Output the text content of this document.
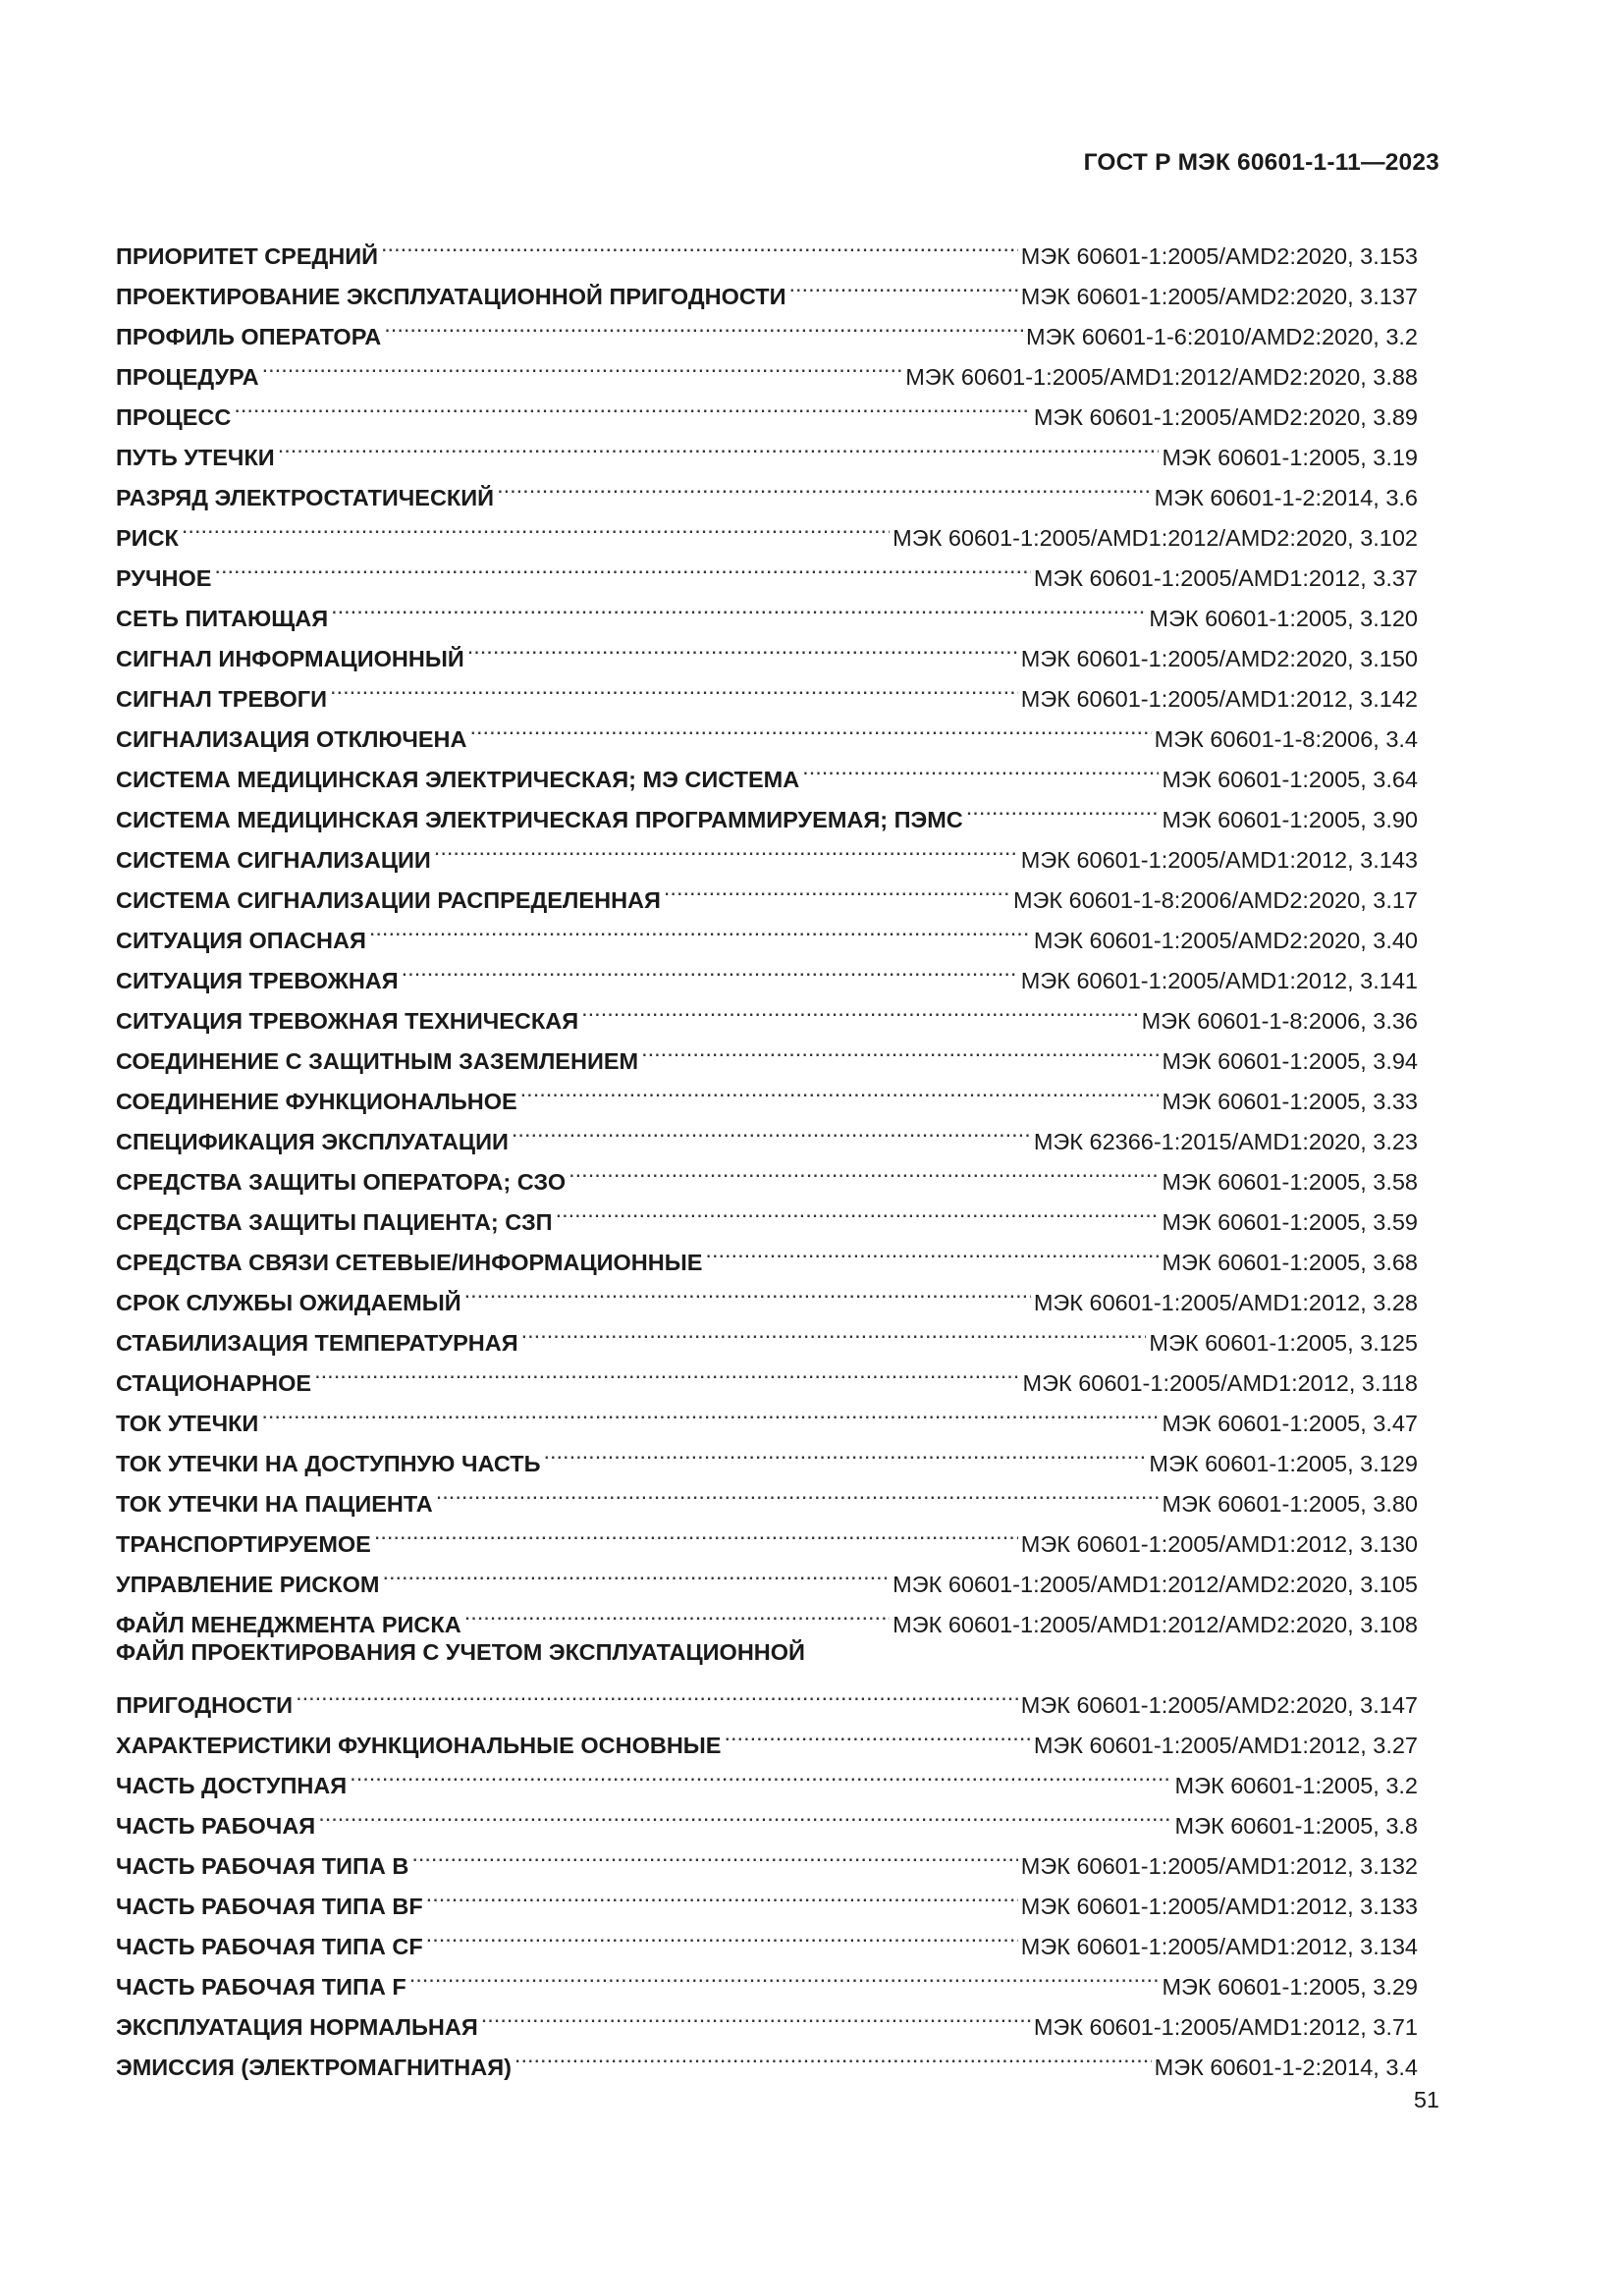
ГОСТ Р МЭК 60601-1-11—2023
ПРИОРИТЕТ СРЕДНИЙ .....	МЭК 60601-1:2005/AMD2:2020, 3.153
ПРОЕКТИРОВАНИЕ ЭКСПЛУАТАЦИОННОЙ ПРИГОДНОСТИ .....	МЭК 60601-1:2005/AMD2:2020, 3.137
ПРОФИЛЬ ОПЕРАТОРА .....	МЭК 60601-1-6:2010/AMD2:2020, 3.2
ПРОЦЕДУРА .....	МЭК 60601-1:2005/AMD1:2012/AMD2:2020, 3.88
ПРОЦЕСС .....	МЭК 60601-1:2005/AMD2:2020, 3.89
ПУТЬ УТЕЧКИ .....	МЭК 60601-1:2005, 3.19
РАЗРЯД ЭЛЕКТРОСТАТИЧЕСКИЙ .....	МЭК 60601-1-2:2014, 3.6
РИСК .....	МЭК 60601-1:2005/AMD1:2012/AMD2:2020, 3.102
РУЧНОЕ .....	МЭК 60601-1:2005/AMD1:2012, 3.37
СЕТЬ ПИТАЮЩАЯ .....	МЭК 60601-1:2005, 3.120
СИГНАЛ ИНФОРМАЦИОННЫЙ .....	МЭК 60601-1:2005/AMD2:2020, 3.150
СИГНАЛ ТРЕВОГИ .....	МЭК 60601-1:2005/AMD1:2012, 3.142
СИГНАЛИЗАЦИЯ ОТКЛЮЧЕНА .....	МЭК 60601-1-8:2006, 3.4
СИСТЕМА МЕДИЦИНСКАЯ ЭЛЕКТРИЧЕСКАЯ; МЭ СИСТЕМА .....	МЭК 60601-1:2005, 3.64
СИСТЕМА МЕДИЦИНСКАЯ ЭЛЕКТРИЧЕСКАЯ ПРОГРАММИРУЕМАЯ; ПЭМС .....	МЭК 60601-1:2005, 3.90
СИСТЕМА СИГНАЛИЗАЦИИ .....	МЭК 60601-1:2005/AMD1:2012, 3.143
СИСТЕМА СИГНАЛИЗАЦИИ РАСПРЕДЕЛЕННАЯ .....	МЭК 60601-1-8:2006/AMD2:2020, 3.17
СИТУАЦИЯ ОПАСНАЯ .....	МЭК 60601-1:2005/AMD2:2020, 3.40
СИТУАЦИЯ ТРЕВОЖНАЯ .....	МЭК 60601-1:2005/AMD1:2012, 3.141
СИТУАЦИЯ ТРЕВОЖНАЯ ТЕХНИЧЕСКАЯ .....	МЭК 60601-1-8:2006, 3.36
СОЕДИНЕНИЕ С ЗАЩИТНЫМ ЗАЗЕМЛЕНИЕМ .....	МЭК 60601-1:2005, 3.94
СОЕДИНЕНИЕ ФУНКЦИОНАЛЬНОЕ .....	МЭК 60601-1:2005, 3.33
СПЕЦИФИКАЦИЯ ЭКСПЛУАТАЦИИ .....	МЭК 62366-1:2015/AMD1:2020, 3.23
СРЕДСТВА ЗАЩИТЫ ОПЕРАТОРА; СЗО .....	МЭК 60601-1:2005, 3.58
СРЕДСТВА ЗАЩИТЫ ПАЦИЕНТА; СЗП .....	МЭК 60601-1:2005, 3.59
СРЕДСТВА СВЯЗИ СЕТЕВЫЕ/ИНФОРМАЦИОННЫЕ .....	МЭК 60601-1:2005, 3.68
СРОК СЛУЖБЫ ОЖИДАЕМЫЙ .....	МЭК 60601-1:2005/AMD1:2012, 3.28
СТАБИЛИЗАЦИЯ ТЕМПЕРАТУРНАЯ .....	МЭК 60601-1:2005, 3.125
СТАЦИОНАРНОЕ .....	МЭК 60601-1:2005/AMD1:2012, 3.118
ТОК УТЕЧКИ .....	МЭК 60601-1:2005, 3.47
ТОК УТЕЧКИ НА ДОСТУПНУЮ ЧАСТЬ .....	МЭК 60601-1:2005, 3.129
ТОК УТЕЧКИ НА ПАЦИЕНТА .....	МЭК 60601-1:2005, 3.80
ТРАНСПОРТИРУЕМОЕ .....	МЭК 60601-1:2005/AMD1:2012, 3.130
УПРАВЛЕНИЕ РИСКОМ .....	МЭК 60601-1:2005/AMD1:2012/AMD2:2020, 3.105
ФАЙЛ МЕНЕДЖМЕНТА РИСКА .....	МЭК 60601-1:2005/AMD1:2012/AMD2:2020, 3.108
ФАЙЛ ПРОЕКТИРОВАНИЯ С УЧЕТОМ ЭКСПЛУАТАЦИОННОЙ
ПРИГОДНОСТИ .....	МЭК 60601-1:2005/AMD2:2020, 3.147
ХАРАКТЕРИСТИКИ ФУНКЦИОНАЛЬНЫЕ ОСНОВНЫЕ .....	МЭК 60601-1:2005/AMD1:2012, 3.27
ЧАСТЬ ДОСТУПНАЯ .....	МЭК 60601-1:2005, 3.2
ЧАСТЬ РАБОЧАЯ .....	МЭК 60601-1:2005, 3.8
ЧАСТЬ РАБОЧАЯ ТИПА B .....	МЭК 60601-1:2005/AMD1:2012, 3.132
ЧАСТЬ РАБОЧАЯ ТИПА BF .....	МЭК 60601-1:2005/AMD1:2012, 3.133
ЧАСТЬ РАБОЧАЯ ТИПА CF .....	МЭК 60601-1:2005/AMD1:2012, 3.134
ЧАСТЬ РАБОЧАЯ ТИПА F .....	МЭК 60601-1:2005, 3.29
ЭКСПЛУАТАЦИЯ НОРМАЛЬНАЯ .....	МЭК 60601-1:2005/AMD1:2012, 3.71
ЭМИССИЯ (ЭЛЕКТРОМАГНИТНАЯ) .....	МЭК 60601-1-2:2014, 3.4
51
